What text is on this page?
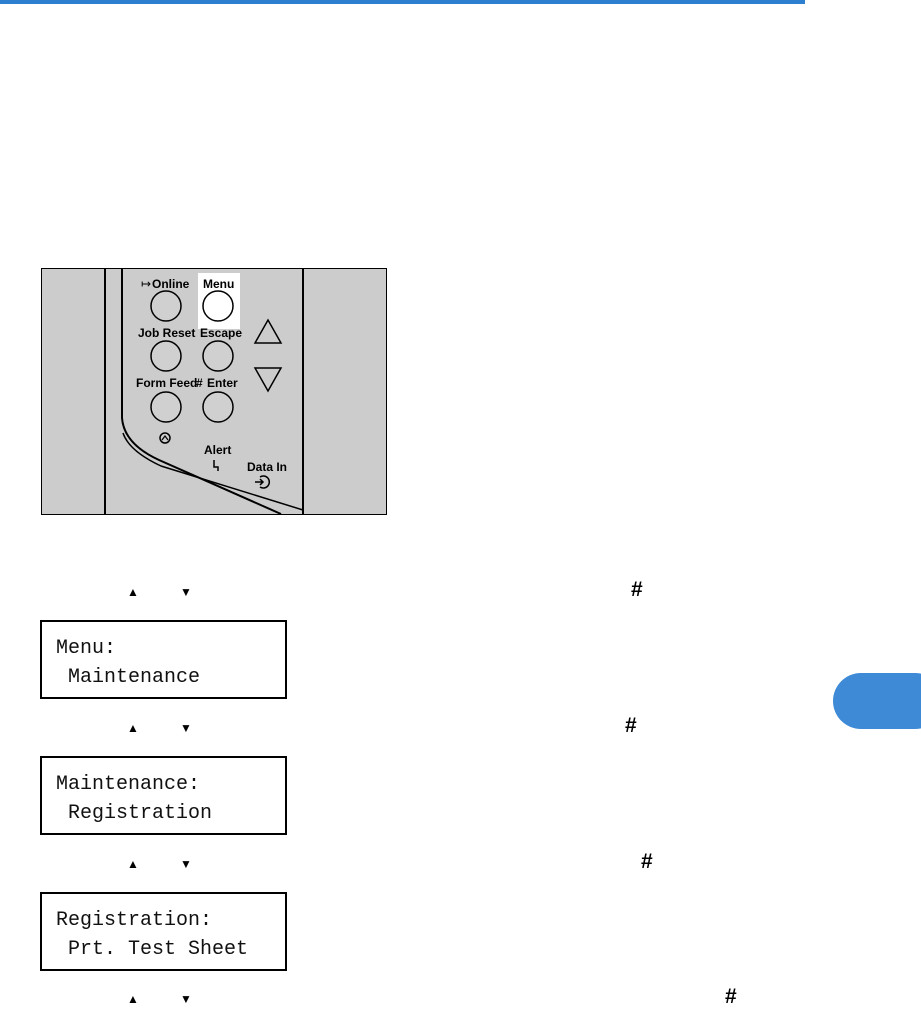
↦ Online Menu
Job Reset Escape
Form Feed
# Enter
Alert
Data In
▲	▼	#
Menu:
Maintenance
▲	▼	#
Maintenance:
Registration
▲	▼	#
Registration:
Prt. Test Sheet
▲	▼	#
